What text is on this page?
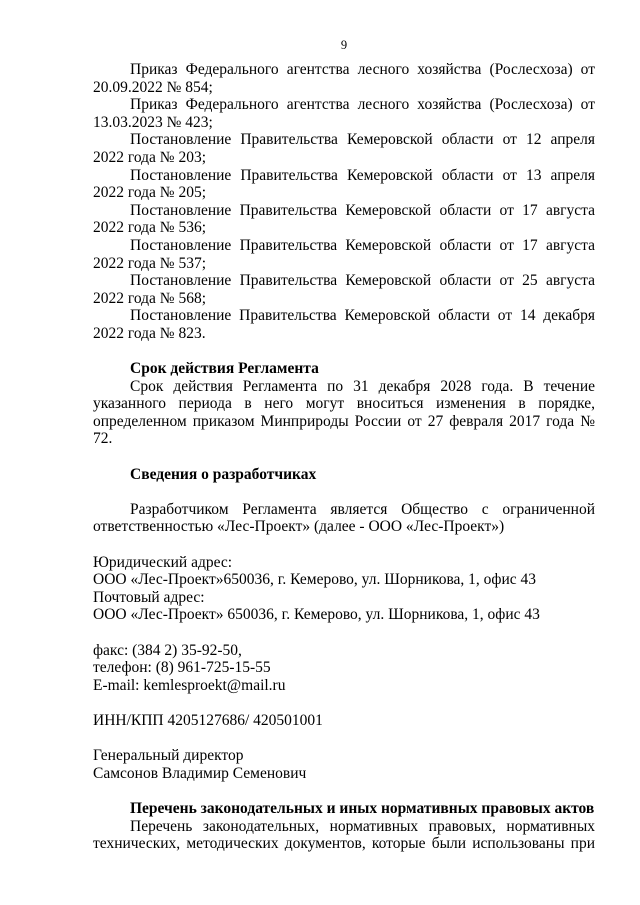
9

Приказ Федерального агентства лесного хозяйства (Рослесхоза) от 20.09.2022 № 854;

Приказ Федерального агентства лесного хозяйства (Рослесхоза) от 13.03.2023 № 423;

Постановление Правительства Кемеровской области от 12 апреля 2022 года № 203;

Постановление Правительства Кемеровской области от 13 апреля 2022 года № 205;

Постановление Правительства Кемеровской области от 17 августа 2022 года № 536;

Постановление Правительства Кемеровской области от 17 августа 2022 года № 537;

Постановление Правительства Кемеровской области от 25 августа 2022 года № 568;

Постановление Правительства Кемеровской области от 14 декабря 2022 года № 823.

Срок действия Регламента

Срок действия Регламента по 31 декабря 2028 года. В течение указанного периода в него могут вноситься изменения в порядке, определенном приказом Минприроды России от 27 февраля 2017 года № 72.

Сведения о разработчиках

Разработчиком Регламента является Общество с ограниченной ответственностью «Лес-Проект» (далее - ООО «Лес-Проект»)

Юридический адрес:

ООО «Лес-Проект»650036, г. Кемерово, ул. Шорникова, 1, офис 43

Почтовый адрес:

ООО «Лес-Проект» 650036, г. Кемерово, ул. Шорникова, 1, офис 43

факс: (384 2) 35-92-50,

телефон: (8) 961-725-15-55

E-mail: kemlesproekt@mail.ru

ИНН/КПП 4205127686/ 420501001

Генеральный директор

Самсонов Владимир Семенович

Перечень законодательных и иных нормативных правовых актов

Перечень законодательных, нормативных правовых, нормативных технических, методических документов, которые были использованы при
